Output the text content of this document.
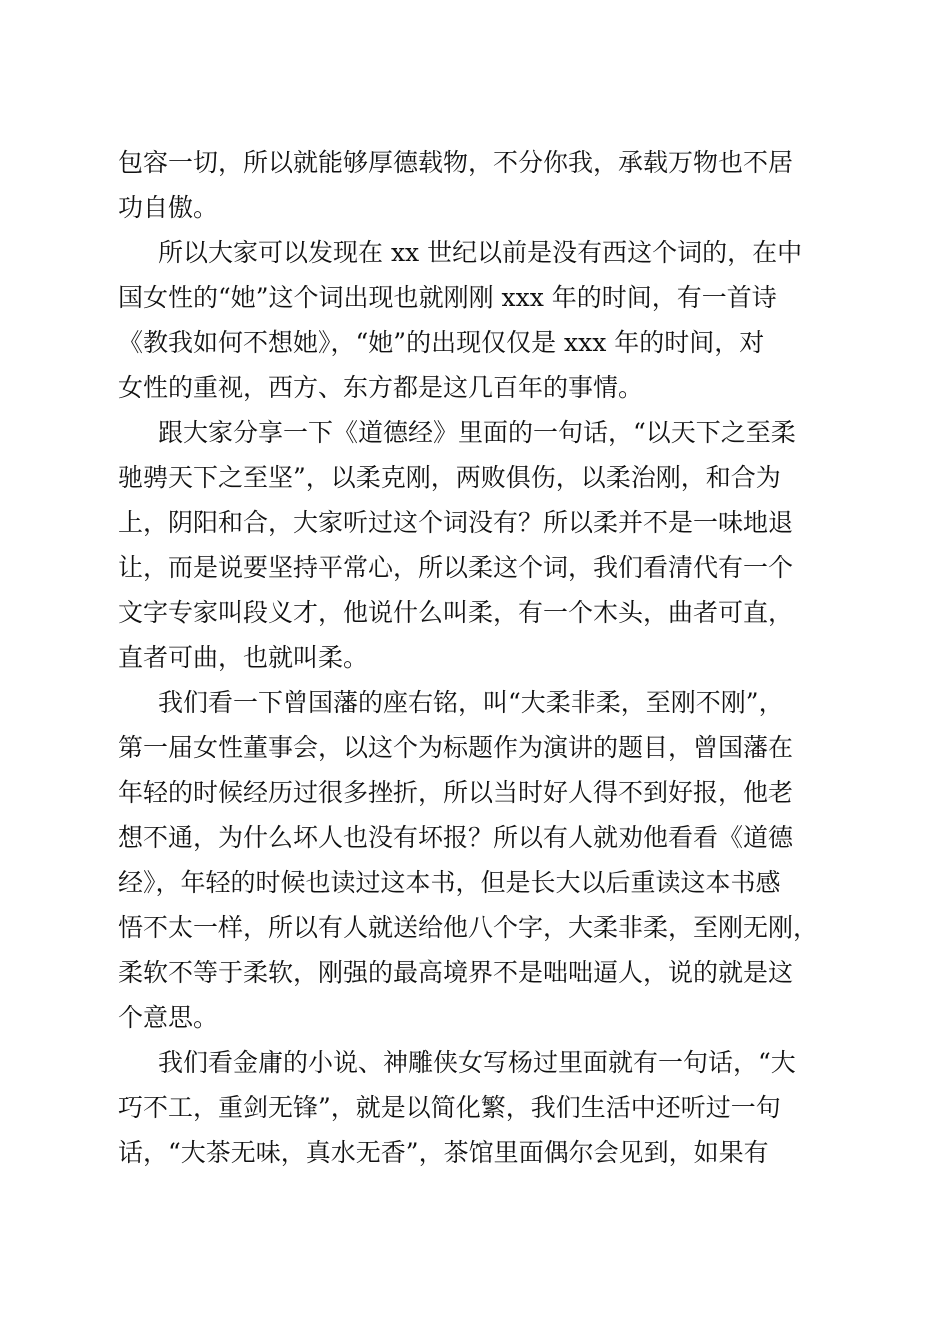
包容一切，所以就能够厚德载物，不分你我，承载万物也不居
功自傲。
所以大家可以发现在 xx 世纪以前是没有西这个词的，在中
国女性的“她”这个词出现也就刚刚 xxx 年的时间，有一首诗
《教我如何不想她》，“她”的出现仅仅是 xxx 年的时间，对
女性的重视，西方、东方都是这几百年的事情。
跟大家分享一下《道德经》里面的一句话，“以天下之至柔
驰骋天下之至坚”，以柔克刚，两败俱伤，以柔治刚，和合为
上，阴阳和合，大家听过这个词没有？所以柔并不是一味地退
让，而是说要坚持平常心，所以柔这个词，我们看清代有一个
文字专家叫段义才，他说什么叫柔，有一个木头，曲者可直，
直者可曲，也就叫柔。
我们看一下曾国藩的座右铭，叫“大柔非柔，至刚不刚”，
第一届女性董事会，以这个为标题作为演讲的题目，曾国藩在
年轻的时候经历过很多挫折，所以当时好人得不到好报，他老
想不通，为什么坏人也没有坏报？所以有人就劝他看看《道德
经》，年轻的时候也读过这本书，但是长大以后重读这本书感
悟不太一样，所以有人就送给他八个字，大柔非柔，至刚无刚，
柔软不等于柔软，刚强的最高境界不是咄咄逼人，说的就是这
个意思。
我们看金庸的小说、神雕侠女写杨过里面就有一句话，“大
巧不工，重剑无锋”，就是以简化繁，我们生活中还听过一句
话，“大茶无味，真水无香”，茶馆里面偶尔会见到，如果有
